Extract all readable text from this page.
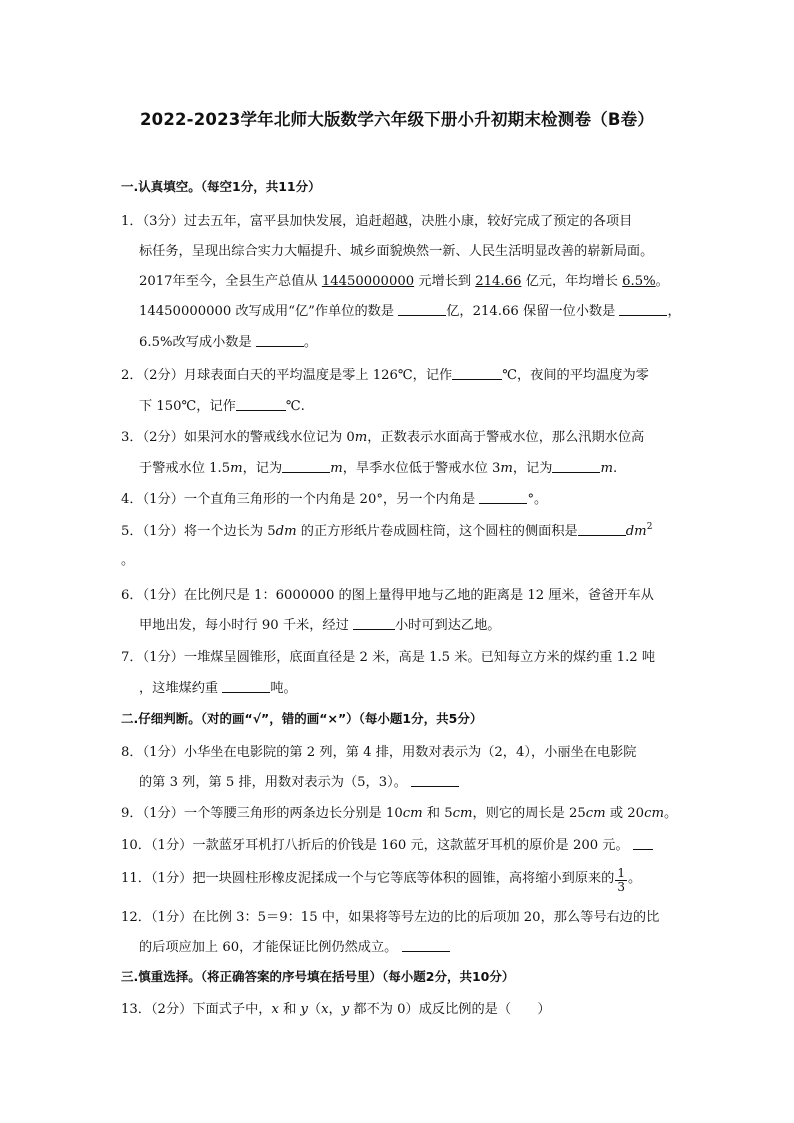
2022-2023学年北师大版数学六年级下册小升初期末检测卷（B卷）
一.认真填空。（每空1分，共11分）
1．（3分）过去五年，富平县加快发展，追赶超越，决胜小康，较好完成了预定的各项目
标任务，呈现出综合实力大幅提升、城乡面貌焕然一新、人民生活明显改善的崭新局面。
2017年至今，全县生产总值从 14450000000 元增长到 214.66 亿元，年均增长 6.5%。
14450000000 改写成用“亿”作单位的数是	亿，214.66 保留一位小数是	，
6.5%改写成小数是	。
2．（2分）月球表面白天的平均温度是零上 126℃，记作	℃，夜间的平均温度为零
下 150℃，记作	℃.
3．（2分）如果河水的警戒线水位记为 0m，正数表示水面高于警戒水位，那么汛期水位高
于警戒水位 1.5m，记为	m，旱季水位低于警戒水位 3m，记为	m.
4．（1分）一个直角三角形的一个内角是 20°，另一个内角是	°。
5．（1分）将一个边长为 5dm 的正方形纸片卷成圆柱筒，这个圆柱的侧面积是	$dm^2$
。
6．（1分）在比例尺是 1：6000000 的图上量得甲地与乙地的距离是 12 厘米，爸爸开车从
甲地出发，每小时行 90 千米，经过	小时可到达乙地。
7．（1分）一堆煤呈圆锥形，底面直径是 2 米，高是 1.5 米。已知每立方米的煤约重 1.2 吨
，这堆煤约重	吨。
二.仔细判断。（对的画“√”，错的画“×”）（每小题1分，共5分）
8．（1分）小华坐在电影院的第 2 列，第 4 排，用数对表示为（2，4），小丽坐在电影院
的第 3 列，第 5 排，用数对表示为（5，3）。
9．（1分）一个等腰三角形的两条边长分别是 10cm 和 5cm，则它的周长是 25cm 或 20cm。
10．（1分）一款蓝牙耳机打八折后的价钱是 160 元，这款蓝牙耳机的原价是 200 元。
11．（1分）把一块圆柱形橡皮泥揉成一个与它等底等体积的圆锥，高将缩小到原来的 $\frac{1}{3}$ 。
12．（1分）在比例 3：5＝9：15 中，如果将等号左边的比的后项加 20，那么等号右边的比
的后项应加上 60，才能保证比例仍然成立。
三.慎重选择。（将正确答案的序号填在括号里）（每小题2分，共10分）
13．（2分）下面式子中，x 和 y（x，y 都不为 0）成反比例的是（　　）
